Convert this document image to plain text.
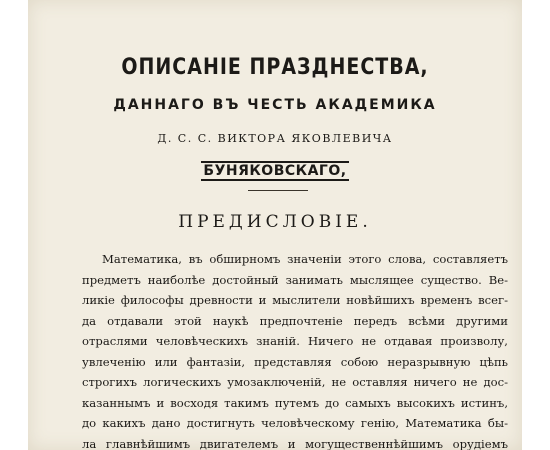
ОПИСАНІЕ ПРАЗДНЕСТВА,
ДАННАГО ВЪ ЧЕСТЬ АКАДЕМИКА
Д. С. С. ВИКТОРА ЯКОВЛЕВИЧА
БУНЯКОВСКАГО,
ПРЕДИСЛОВІЕ.
Математика, въ обширномъ значеніи этого слова, составляетъ
предметъ наиболѣе достойный занимать мыслящее существо. Ве-
ликіе философы древности и мыслители новѣйшихъ временъ всег-
да отдавали этой наукѣ предпочтеніе передъ всѣми другими
отраслями человѣческихъ знаній. Ничего не отдавая произволу,
увлеченію или фантазіи, представляя собою неразрывную цѣпь
строгихъ логическихъ умозаключеній, не оставляя ничего не дос-
казаннымъ и восходя такимъ путемъ до самыхъ высокихъ истинъ,
до какихъ дано достигнуть человѣческому генію, Математика бы-
ла главнѣйшимъ двигателемъ и могущественнѣйшимъ орудіемъ
